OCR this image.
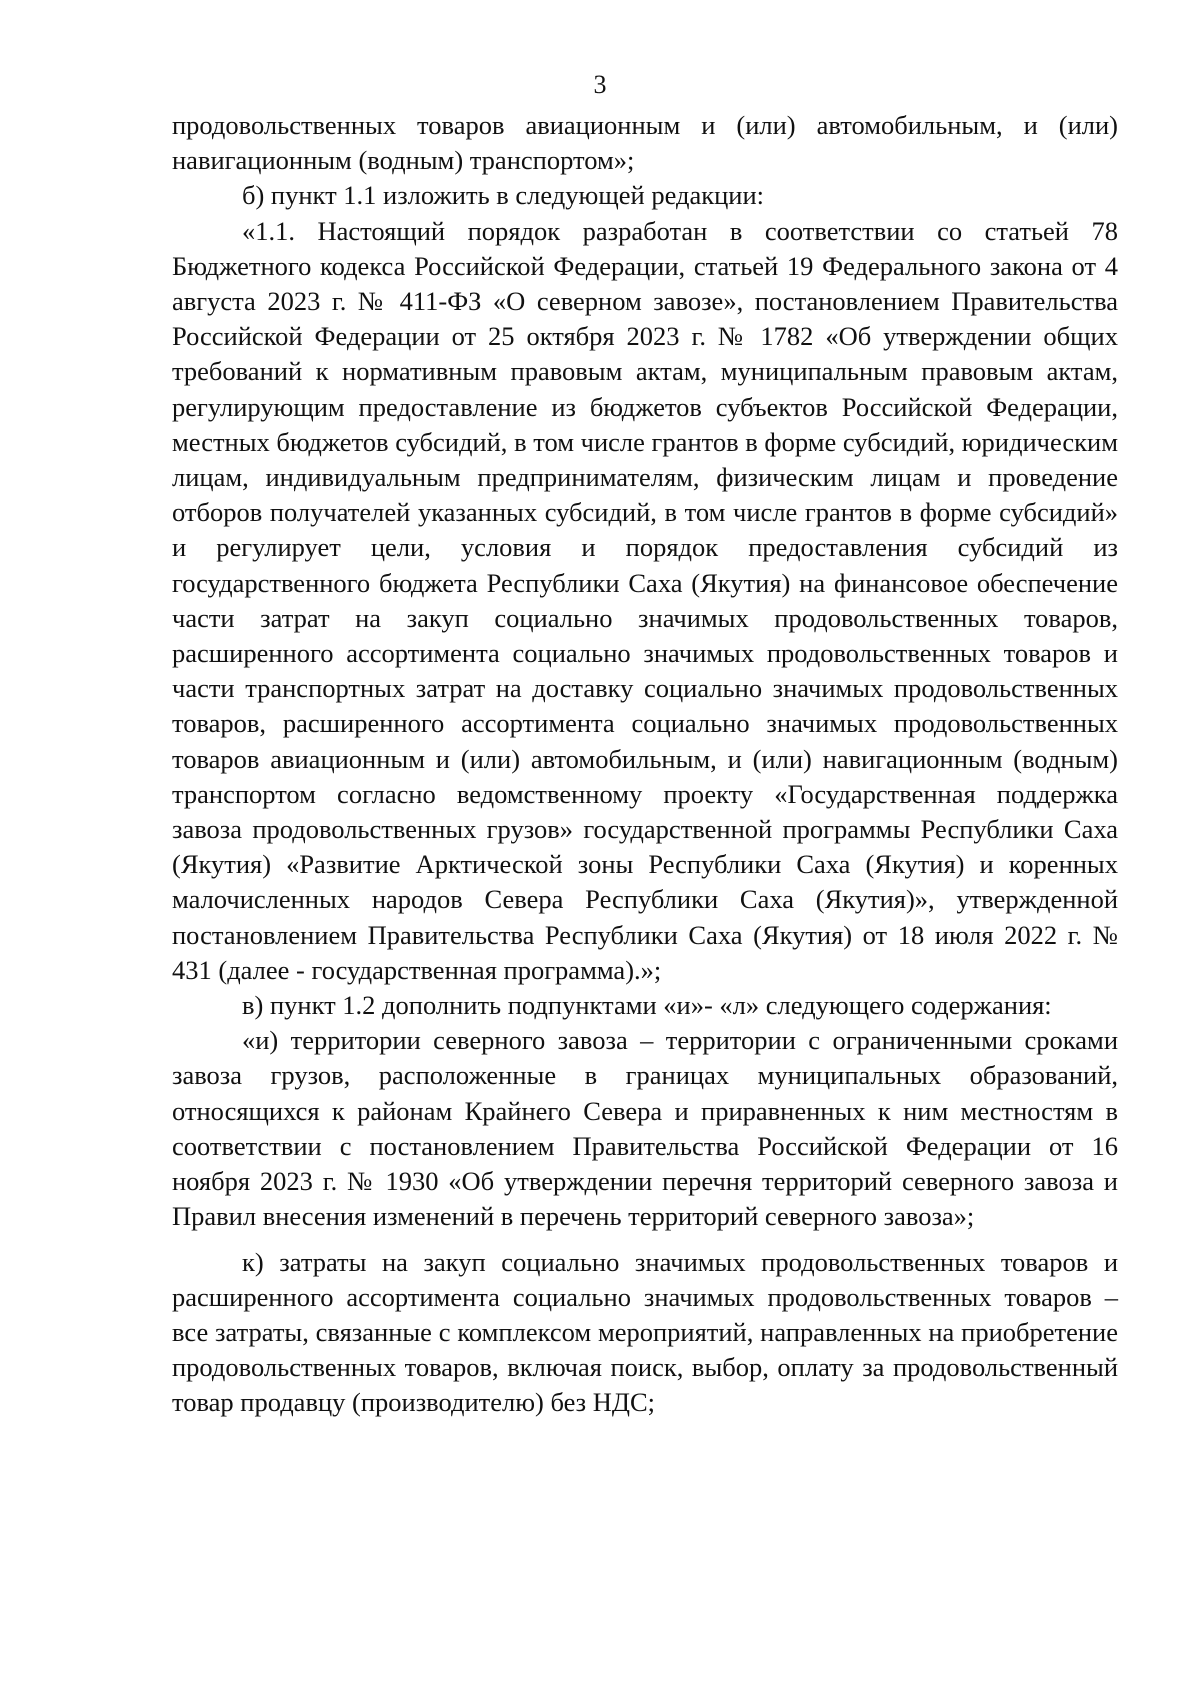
3

продовольственных товаров авиационным и (или) автомобильным, и (или) навигационным (водным) транспортом»;

б) пункт 1.1 изложить в следующей редакции:

«1.1. Настоящий порядок разработан в соответствии со статьей 78 Бюджетного кодекса Российской Федерации, статьей 19 Федерального закона от 4 августа 2023 г. № 411-ФЗ «О северном завозе», постановлением Правительства Российской Федерации от 25 октября 2023 г. № 1782 «Об утверждении общих требований к нормативным правовым актам, муниципальным правовым актам, регулирующим предоставление из бюджетов субъектов Российской Федерации, местных бюджетов субсидий, в том числе грантов в форме субсидий, юридическим лицам, индивидуальным предпринимателям, физическим лицам и проведение отборов получателей указанных субсидий, в том числе грантов в форме субсидий» и регулирует цели, условия и порядок предоставления субсидий из государственного бюджета Республики Саха (Якутия) на финансовое обеспечение части затрат на закуп социально значимых продовольственных товаров, расширенного ассортимента социально значимых продовольственных товаров и части транспортных затрат на доставку социально значимых продовольственных товаров, расширенного ассортимента социально значимых продовольственных товаров авиационным и (или) автомобильным, и (или) навигационным (водным) транспортом согласно ведомственному проекту «Государственная поддержка завоза продовольственных грузов» государственной программы Республики Саха (Якутия) «Развитие Арктической зоны Республики Саха (Якутия) и коренных малочисленных народов Севера Республики Саха (Якутия)», утвержденной постановлением Правительства Республики Саха (Якутия) от 18 июля 2022 г. № 431 (далее - государственная программа).»;

в) пункт 1.2 дополнить подпунктами «и»- «л» следующего содержания:

«и) территории северного завоза – территории с ограниченными сроками завоза грузов, расположенные в границах муниципальных образований, относящихся к районам Крайнего Севера и приравненных к ним местностям в соответствии с постановлением Правительства Российской Федерации от 16 ноября 2023 г. № 1930 «Об утверждении перечня территорий северного завоза и Правил внесения изменений в перечень территорий северного завоза»;

к) затраты на закуп социально значимых продовольственных товаров и расширенного ассортимента социально значимых продовольственных товаров – все затраты, связанные с комплексом мероприятий, направленных на приобретение продовольственных товаров, включая поиск, выбор, оплату за продовольственный товар продавцу (производителю) без НДС;
